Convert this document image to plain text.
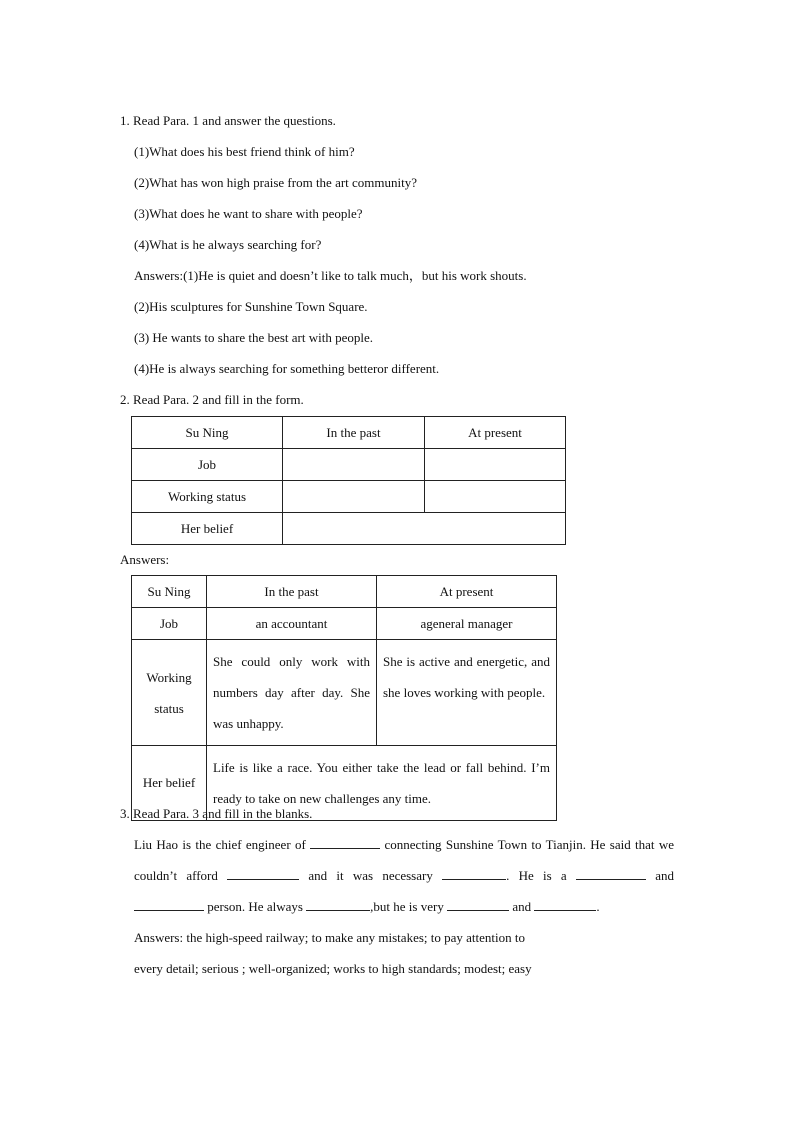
1. Read Para. 1 and answer the questions.
(1)What does his best friend think of him?
(2)What has won high praise from the art community?
(3)What does he want to share with people?
(4)What is he always searching for?
Answers:(1)He is quiet and doesn’t like to talk much，but his work shouts.
(2)His sculptures for Sunshine Town Square.
(3) He wants to share the best art with people.
(4)He is always searching for something betteror different.
2. Read Para. 2 and fill in the form.
Su Ning	In the past	At present
Job		
Working status		
Her belief		
Answers:
Su Ning	In the past	At present
Job	an accountant	ageneral manager
Working status	She could only work with numbers day after day. She was unhappy.	She is active and energetic, and she loves working with people.
Her belief	Life is like a race. You either take the lead or fall behind. I’m ready to take on new challenges any time.	
3. Read Para. 3 and fill in the blanks.
Liu Hao is the chief engineer of	connecting Sunshine Town to Tianjin. He said that we couldn’t afford	and it was necessary	. He is a	and  person. He always	,but he is very	and	.
Answers: the high-speed railway; to make any mistakes; to pay attention to
every detail; serious ; well-organized; works to high standards; modest; easy
